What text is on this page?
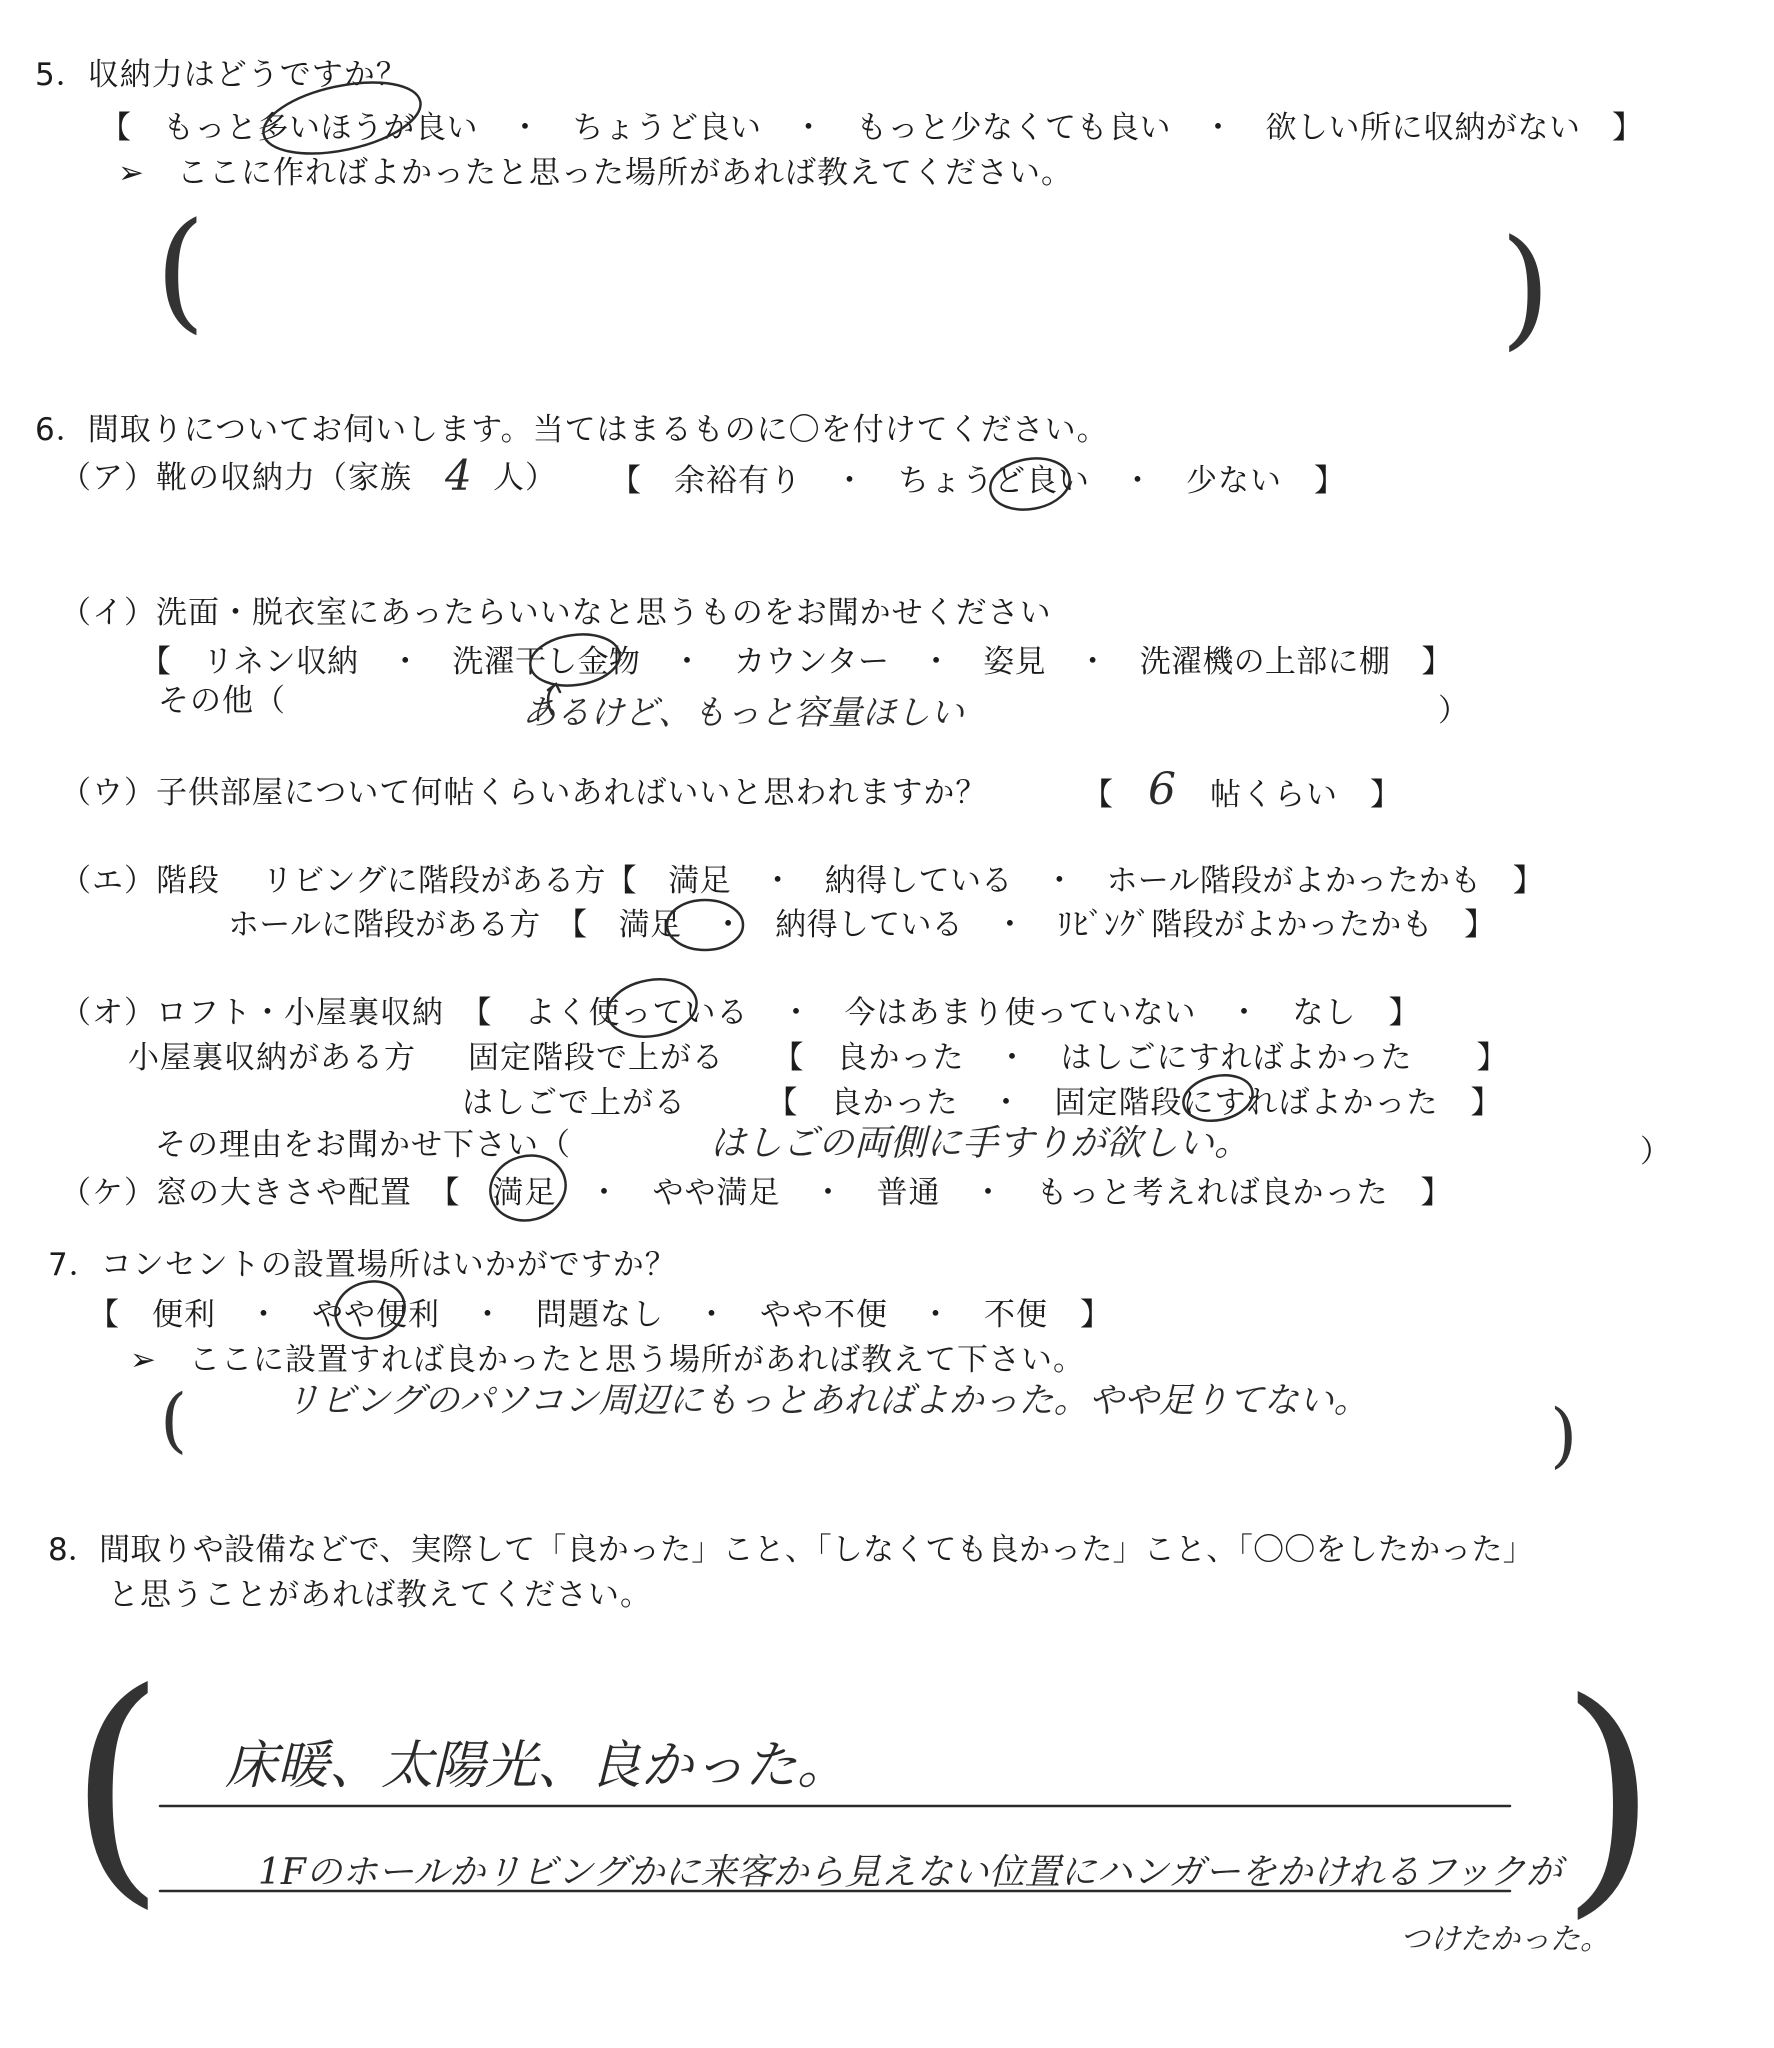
5．収納力はどうですか？
【　もっと多いほうが良い　・　ちょうど良い　・　もっと少なくても良い　・　欲しい所に収納がない　】
➢　ここに作ればよかったと思った場所があれば教えてください。
(	)
6．間取りについてお伺いします。当てはまるものに〇を付けてください。
（ア）靴の収納力（家族 4 人） 【　余裕有り　・　ちょうど良い　・　少ない　】
（イ）洗面・脱衣室にあったらいいなと思うものをお聞かせください
【　リネン収納　・　洗濯干し金物　・　カウンター　・　姿見　・　洗濯機の上部に棚　】
その他（	あるけど、もっと容量ほしい	）
（ウ）子供部屋について何帖くらいあればいいと思われますか？	【 6 帖くらい　】
（エ）階段 リビングに階段がある方【　満足　・　納得している　・　ホール階段がよかったかも　】
ホールに階段がある方　【　満足　・　納得している　・　ﾘﾋﾞﾝｸﾞ階段がよかったかも　】
（オ）ロフト・小屋裏収納　【　よく使っている　・　今はあまり使っていない　・　なし　】
小屋裏収納がある方 固定階段で上がる　　【　良かった　・　はしごにすればよかった　　】
はしごで上がる　　　【　良かった　・　固定階段にすればよかった　】
その理由をお聞かせ下さい（	はしごの両側に手すりが欲しい。	）
（ケ）窓の大きさや配置　【　満足　・　やや満足　・　普通　・　もっと考えれば良かった　】
7．コンセントの設置場所はいかがですか？
【　便利　・　やや便利　・　問題なし　・　やや不便　・　不便　】
➢　ここに設置すれば良かったと思う場所があれば教えて下さい。
(	リビングのパソコン周辺にもっとあればよかった。やや足りてない。	)
8．間取りや設備などで、実際して「良かった」こと、「しなくても良かった」こと、「〇〇をしたかった」
と思うことがあれば教えてください。
(	)
床暖、太陽光、良かった。
1Fのホールかリビングかに来客から見えない位置にハンガーをかけれるフックが
つけたかった。
